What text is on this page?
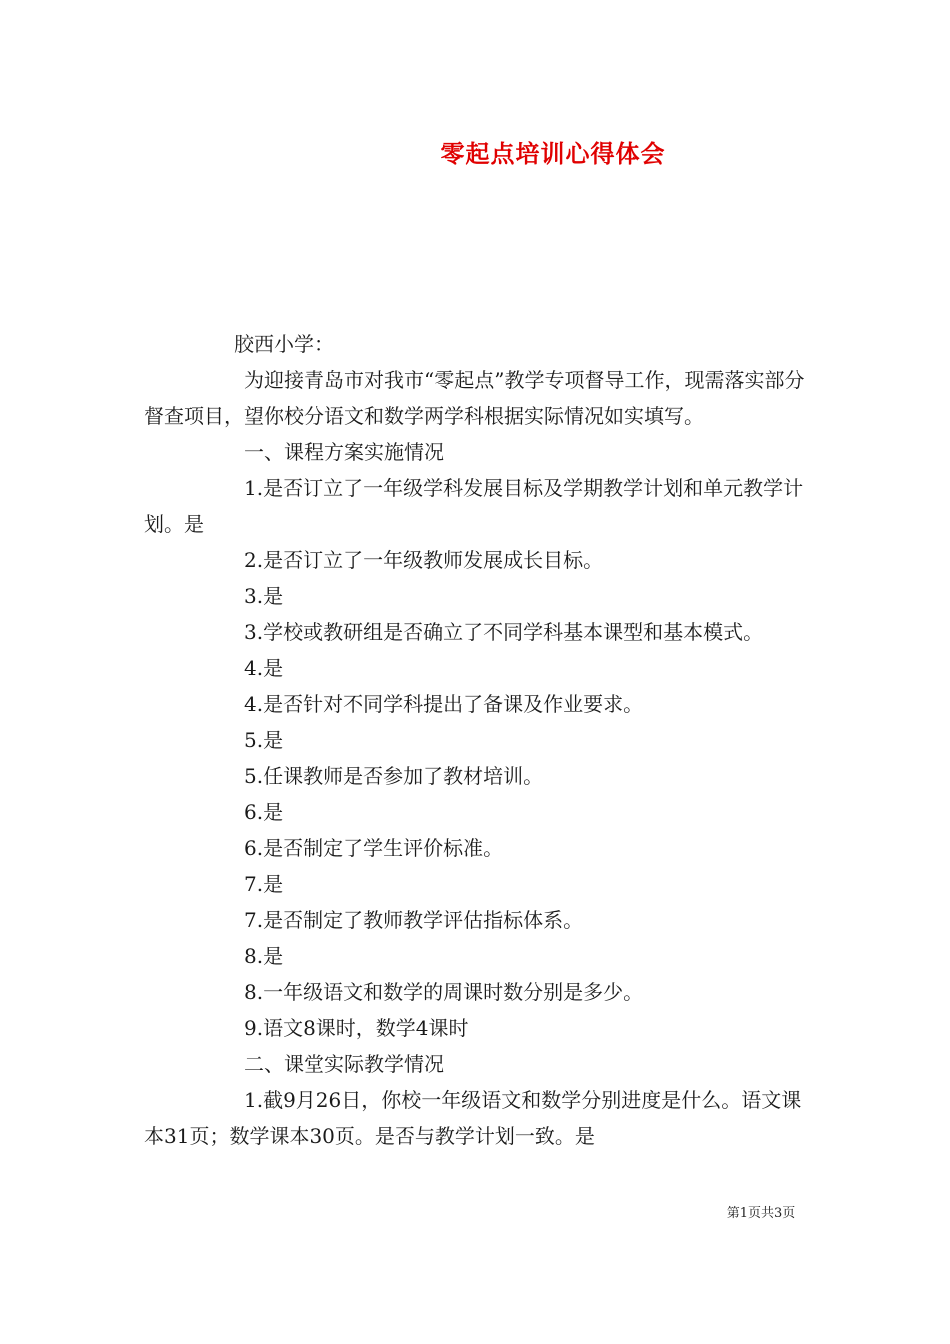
零起点培训心得体会

胶西小学：

为迎接青岛市对我市“零起点”教学专项督导工作，现需落实部分督查项目，望你校分语文和数学两学科根据实际情况如实填写。

一、课程方案实施情况

1.是否订立了一年级学科发展目标及学期教学计划和单元教学计划。是

2.是否订立了一年级教师发展成长目标。

3.是

3.学校或教研组是否确立了不同学科基本课型和基本模式。

4.是

4.是否针对不同学科提出了备课及作业要求。

5.是

5.任课教师是否参加了教材培训。

6.是

6.是否制定了学生评价标准。

7.是

7.是否制定了教师教学评估指标体系。

8.是

8.一年级语文和数学的周课时数分别是多少。

9.语文8课时，数学4课时

二、课堂实际教学情况

1.截9月26日，你校一年级语文和数学分别进度是什么。语文课本31页；数学课本30页。是否与教学计划一致。是

第1页共3页
